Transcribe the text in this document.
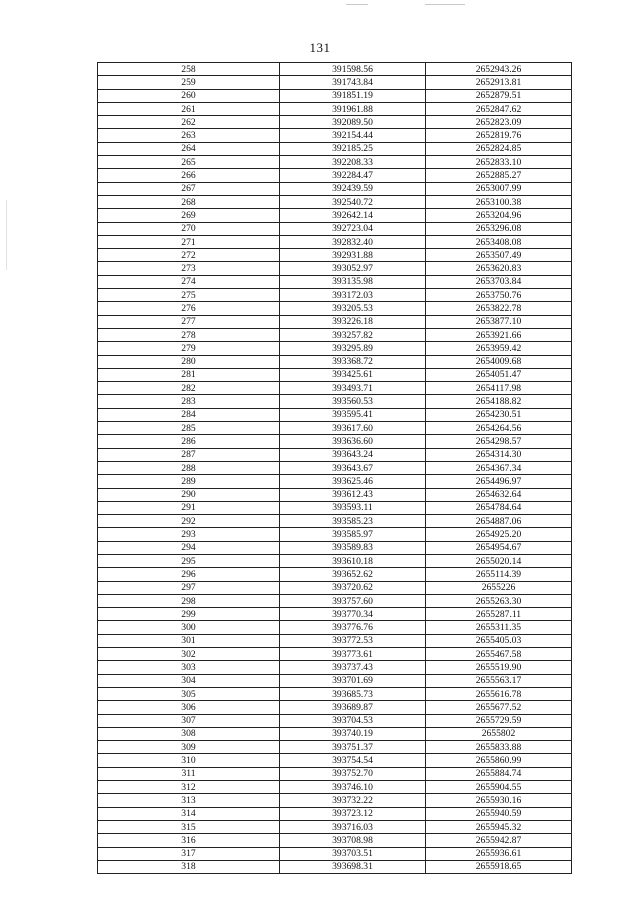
131
258	391598.56	2652943.26
259	391743.84	2652913.81
260	391851.19	2652879.51
261	391961.88	2652847.62
262	392089.50	2652823.09
263	392154.44	2652819.76
264	392185.25	2652824.85
265	392208.33	2652833.10
266	392284.47	2652885.27
267	392439.59	2653007.99
268	392540.72	2653100.38
269	392642.14	2653204.96
270	392723.04	2653296.08
271	392832.40	2653408.08
272	392931.88	2653507.49
273	393052.97	2653620.83
274	393135.98	2653703.84
275	393172.03	2653750.76
276	393205.53	2653822.78
277	393226.18	2653877.10
278	393257.82	2653921.66
279	393295.89	2653959.42
280	393368.72	2654009.68
281	393425.61	2654051.47
282	393493.71	2654117.98
283	393560.53	2654188.82
284	393595.41	2654230.51
285	393617.60	2654264.56
286	393636.60	2654298.57
287	393643.24	2654314.30
288	393643.67	2654367.34
289	393625.46	2654496.97
290	393612.43	2654632.64
291	393593.11	2654784.64
292	393585.23	2654887.06
293	393585.97	2654925.20
294	393589.83	2654954.67
295	393610.18	2655020.14
296	393652.62	2655114.39
297	393720.62	2655226
298	393757.60	2655263.30
299	393770.34	2655287.11
300	393776.76	2655311.35
301	393772.53	2655405.03
302	393773.61	2655467.58
303	393737.43	2655519.90
304	393701.69	2655563.17
305	393685.73	2655616.78
306	393689.87	2655677.52
307	393704.53	2655729.59
308	393740.19	2655802
309	393751.37	2655833.88
310	393754.54	2655860.99
311	393752.70	2655884.74
312	393746.10	2655904.55
313	393732.22	2655930.16
314	393723.12	2655940.59
315	393716.03	2655945.32
316	393708.98	2655942.87
317	393703.51	2655936.61
318	393698.31	2655918.65
